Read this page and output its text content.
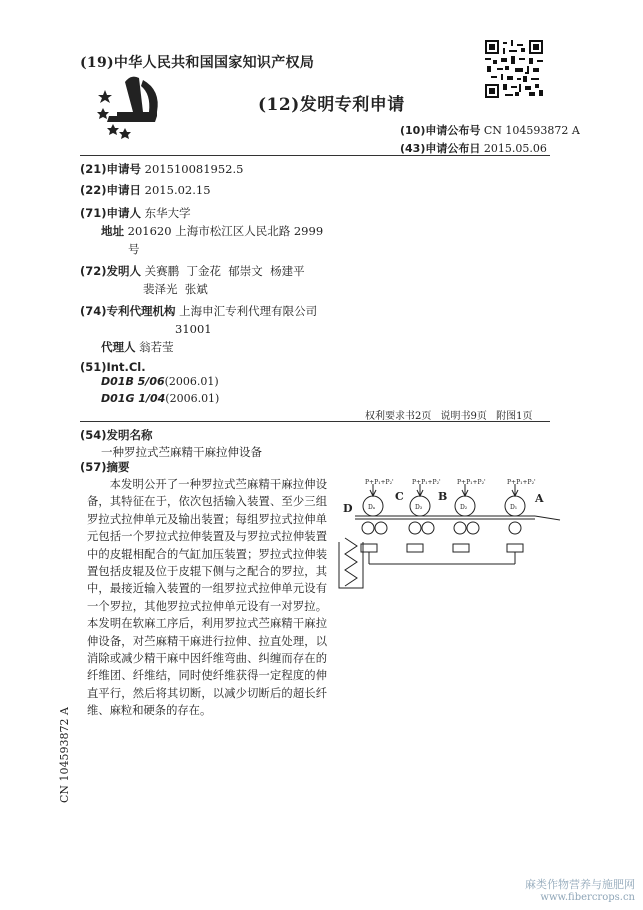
(19)中华人民共和国国家知识产权局
(12)发明专利申请
(10)申请公布号 CN 104593872 A
(43)申请公布日 2015.05.06
(21)申请号 201510081952.5
(22)申请日 2015.02.15
(71)申请人 东华大学
地址 201620 上海市松江区人民北路 2999
号
(72)发明人 关赛鹏  丁金花  郁崇文  杨建平
裴泽光  张斌
(74)专利代理机构 上海申汇专利代理有限公司
31001
代理人 翁若莹
(51)Int.Cl.
D01B 5/06(2006.01)
D01G 1/04(2006.01)
权利要求书2页 说明书9页 附图1页
(54)发明名称
一种罗拉式苎麻精干麻拉伸设备
(57)摘要
本发明公开了一种罗拉式苎麻精干麻拉伸设备，其特征在于，依次包括输入装置、至少三组罗拉式拉伸单元及输出装置；每组罗拉式拉伸单元包括一个罗拉式拉伸装置及与罗拉式拉伸装置中的皮辊相配合的气缸加压装置；罗拉式拉伸装置包括皮辊及位于皮辊下侧与之配合的罗拉，其中，最接近输入装置的一组罗拉式拉伸单元设有一个罗拉，其他罗拉式拉伸单元设有一对罗拉。本发明在软麻工序后，利用罗拉式苎麻精干麻拉伸设备，对苎麻精干麻进行拉伸、拉直处理，以消除或减少精干麻中因纤维弯曲、纠缠而存在的纤维团、纤维结，同时使纤维获得一定程度的伸直平行，然后将其切断，以减少切断后的超长纤维、麻粒和硬条的存在。
P+P₁+P₂'	P+P₁+P₂'	P+P₁+P₂'	P+P₁+P₂'
Dₐ	D₃	D₂	D₁
D
C	B	A
CN 104593872 A
麻类作物营养与施肥网
www.fibercrops.cn
